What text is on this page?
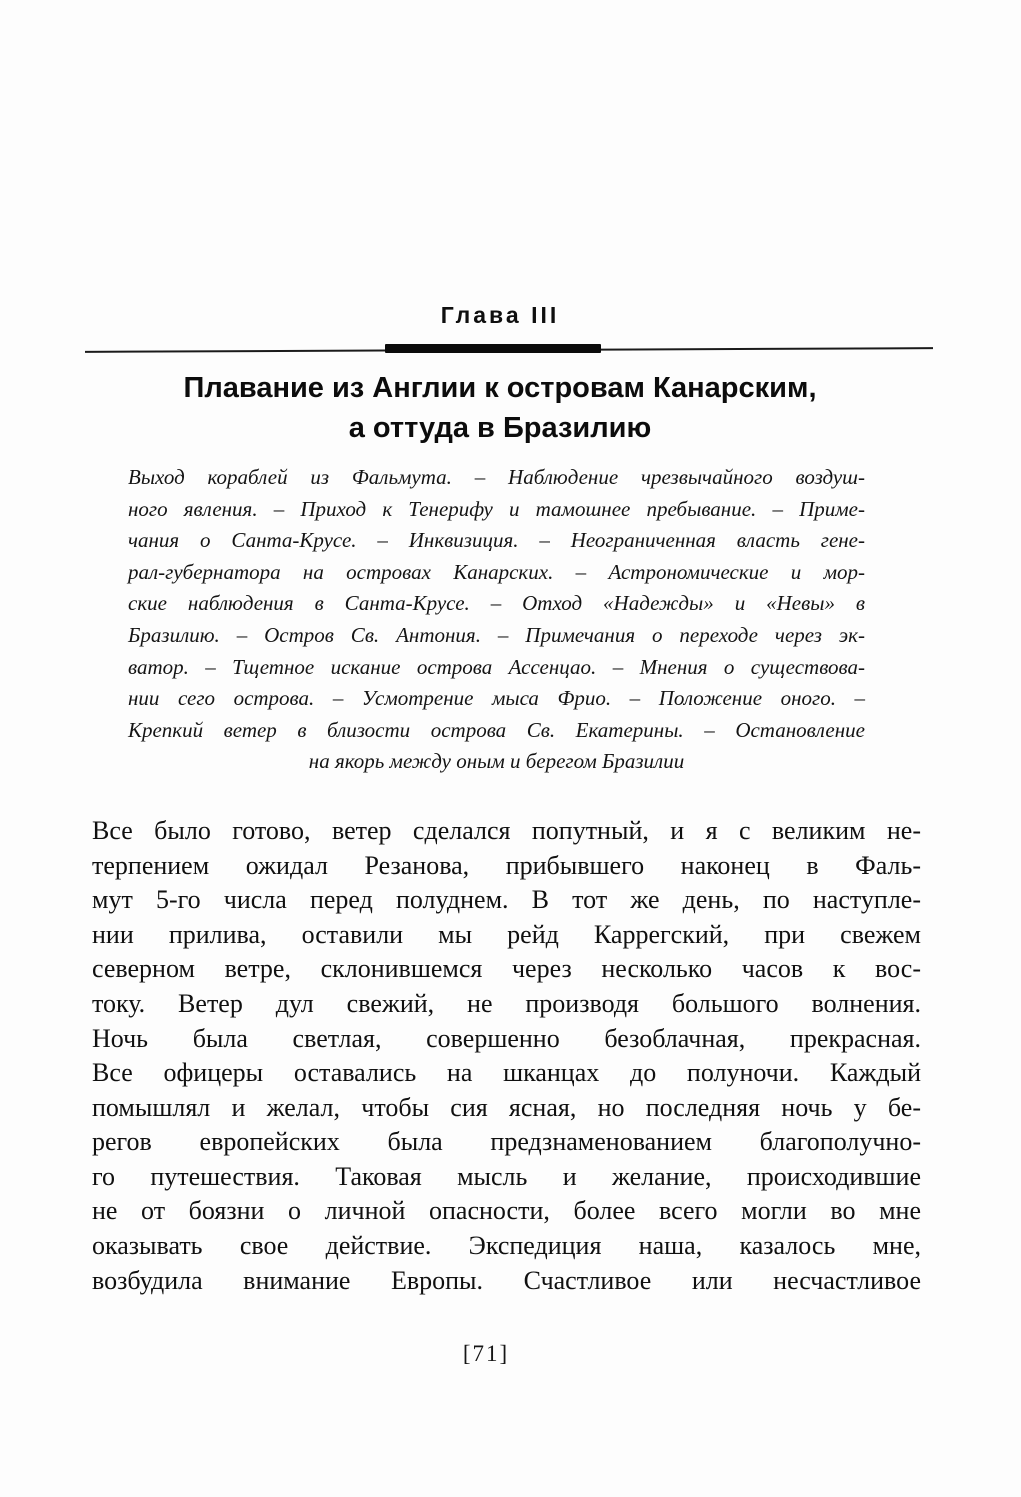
Глава III
Плавание из Англии к островам Канарским,
а оттуда в Бразилию
Выход кораблей из Фальмута. – Наблюдение чрезвычайного воздуш-
ного явления. – Приход к Тенерифу и тамошнее пребывание. – Приме-
чания о Санта-Крусе. – Инквизиция. – Неограниченная власть гене-
рал-губернатора на островах Канарских. – Астрономические и мор-
ские наблюдения в Санта-Крусе. – Отход «Надежды» и «Невы» в
Бразилию. – Остров Св. Антония. – Примечания о переходе через эк-
ватор. – Тщетное искание острова Ассенцао. – Мнения о существова-
нии сего острова. – Усмотрение мыса Фрио. – Положение оного. –
Крепкий ветер в близости острова Св. Екатерины. – Остановление
на якорь между оным и берегом Бразилии
Все было готово, ветер сделался попутный, и я с великим не-
терпением ожидал Резанова, прибывшего наконец в Фаль-
мут 5-го числа перед полуднем. В тот же день, по наступле-
нии прилива, оставили мы рейд Каррегский, при свежем
северном ветре, склонившемся через несколько часов к вос-
току. Ветер дул свежий, не производя большого волнения.
Ночь была светлая, совершенно безоблачная, прекрасная.
Все офицеры оставались на шканцах до полуночи. Каждый
помышлял и желал, чтобы сия ясная, но последняя ночь у бе-
регов европейских была предзнаменованием благополучно-
го путешествия. Таковая мысль и желание, происходившие
не от боязни о личной опасности, более всего могли во мне
оказывать свое действие. Экспедиция наша, казалось мне,
возбудила внимание Европы. Счастливое или несчастливое
[71]
